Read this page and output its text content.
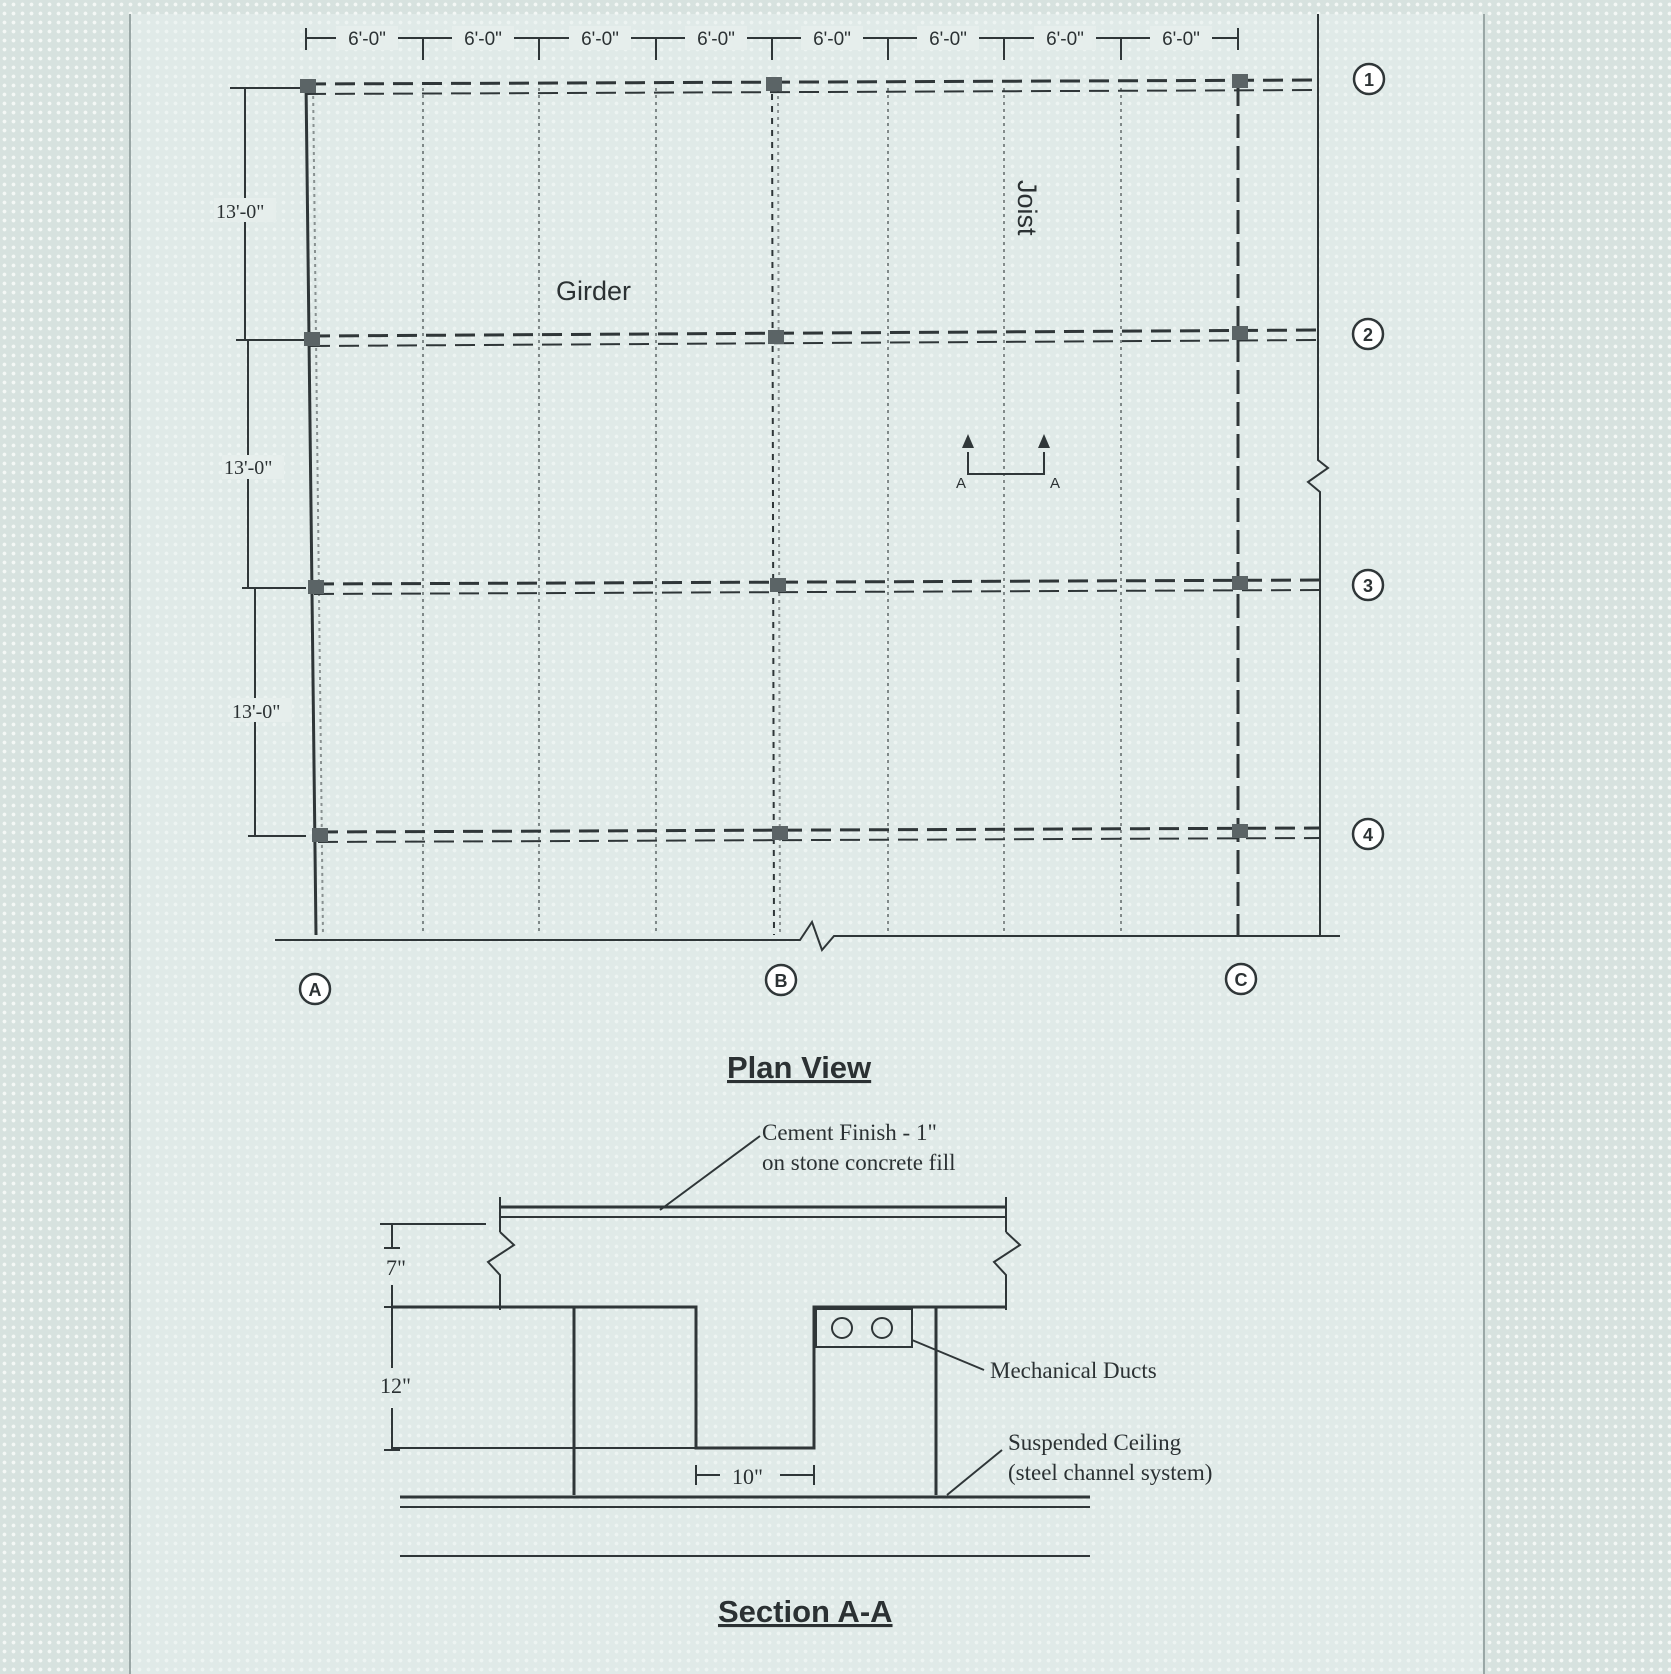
6'-0"	6'-0"	6'-0"	6'-0"	6'-0"	6'-0"	6'-0"	6'-0"
13'-0"
13'-0"
13'-0"
Girder
Joist
A	A
1
2
3
4
A	B	C
Plan View
7"
12"
10"
Cement Finish - 1"
on stone concrete fill
Mechanical Ducts
Suspended Ceiling
(steel channel system)
Section A-A
